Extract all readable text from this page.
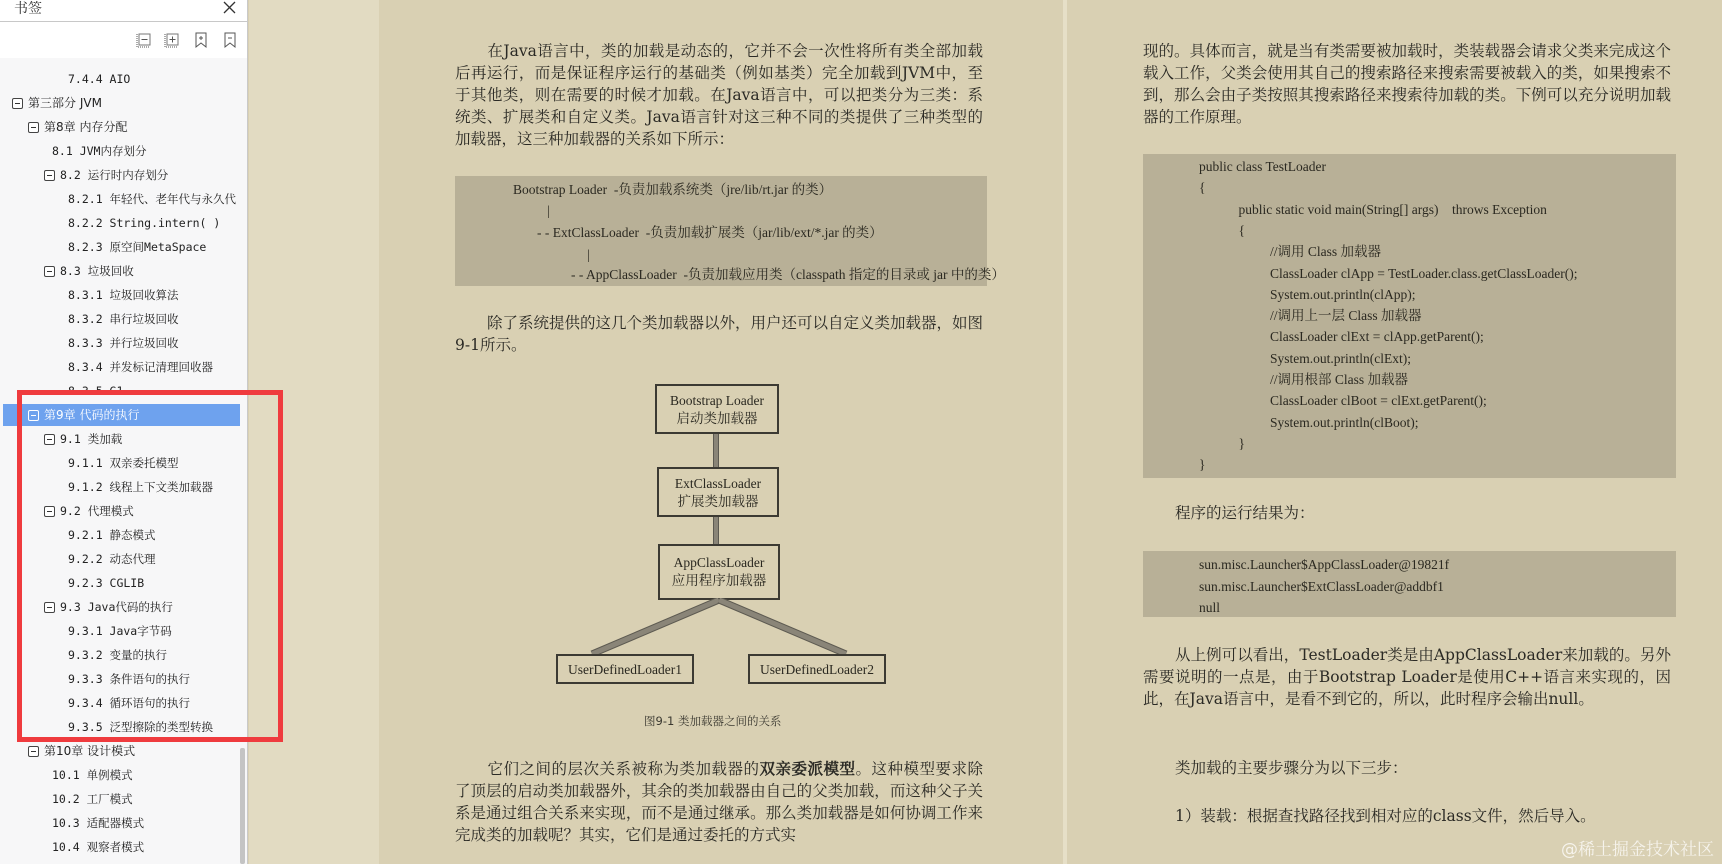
书签
7.4.4 AIO
第三部分 JVM
第8章 内存分配
8.1 JVM内存划分
8.2 运行时内存划分
8.2.1 年轻代、老年代与永久代
8.2.2 String.intern( )
8.2.3 原空间MetaSpace
8.3 垃圾回收
8.3.1 垃圾回收算法
8.3.2 串行垃圾回收
8.3.3 并行垃圾回收
8.3.4 并发标记清理回收器
8.3.5 G1
第9章 代码的执行
9.1 类加载
9.1.1 双亲委托模型
9.1.2 线程上下文类加载器
9.2 代理模式
9.2.1 静态模式
9.2.2 动态代理
9.2.3 CGLIB
9.3 Java代码的执行
9.3.1 Java字节码
9.3.2 变量的执行
9.3.3 条件语句的执行
9.3.4 循环语句的执行
9.3.5 泛型擦除的类型转换
第10章 设计模式
10.1 单例模式
10.2 工厂模式
10.3 适配器模式
10.4 观察者模式
在Java语言中，类的加载是动态的，它并不会一次性将所有类全部加载后再运行，而是保证程序运行的基础类（例如基类）完全加载到JVM中，至于其他类，则在需要的时候才加载。在Java语言中，可以把类分为三类：系统类、扩展类和自定义类。Java语言针对这三种不同的类提供了三种类型的加载器，这三种加载器的关系如下所示：
Bootstrap Loader  -负责加载系统类（jre/lib/rt.jar 的类）
|
- - ExtClassLoader  -负责加载扩展类（jar/lib/ext/*.jar 的类）
|
- - AppClassLoader  -负责加载应用类（classpath 指定的目录或 jar 中的类）
除了系统提供的这几个类加载器以外，用户还可以自定义类加载器，如图9-1所示。
Bootstrap Loader
启动类加载器
ExtClassLoader
扩展类加载器
AppClassLoader
应用程序加载器
UserDefinedLoader1	UserDefinedLoader2
图9-1 类加载器之间的关系
它们之间的层次关系被称为类加载器的双亲委派模型。这种模型要求除了顶层的启动类加载器外，其余的类加载器由自己的父类加载，而这种父子关系是通过组合关系来实现，而不是通过继承。那么类加载器是如何协调工作来完成类的加载呢？其实，它们是通过委托的方式实
现的。具体而言，就是当有类需要被加载时，类装载器会请求父类来完成这个载入工作，父类会使用其自己的搜索路径来搜索需要被载入的类，如果搜索不到，那么会由子类按照其搜索路径来搜索待加载的类。下例可以充分说明加载器的工作原理。
public class TestLoader
{
public static void main(String[] args)    throws Exception
{
//调用 Class 加载器
ClassLoader clApp = TestLoader.class.getClassLoader();
System.out.println(clApp);
//调用上一层 Class 加载器
ClassLoader clExt = clApp.getParent();
System.out.println(clExt);
//调用根部 Class 加载器
ClassLoader clBoot = clExt.getParent();
System.out.println(clBoot);
}
}
程序的运行结果为：
sun.misc.Launcher$AppClassLoader@19821f
sun.misc.Launcher$ExtClassLoader@addbf1
null
从上例可以看出，TestLoader类是由AppClassLoader来加载的。另外需要说明的一点是，由于Bootstrap Loader是使用C++语言来实现的，因此，在Java语言中，是看不到它的，所以，此时程序会输出null。
类加载的主要步骤分为以下三步：
1）装载：根据查找路径找到相对应的class文件，然后导入。
@稀土掘金技术社区
